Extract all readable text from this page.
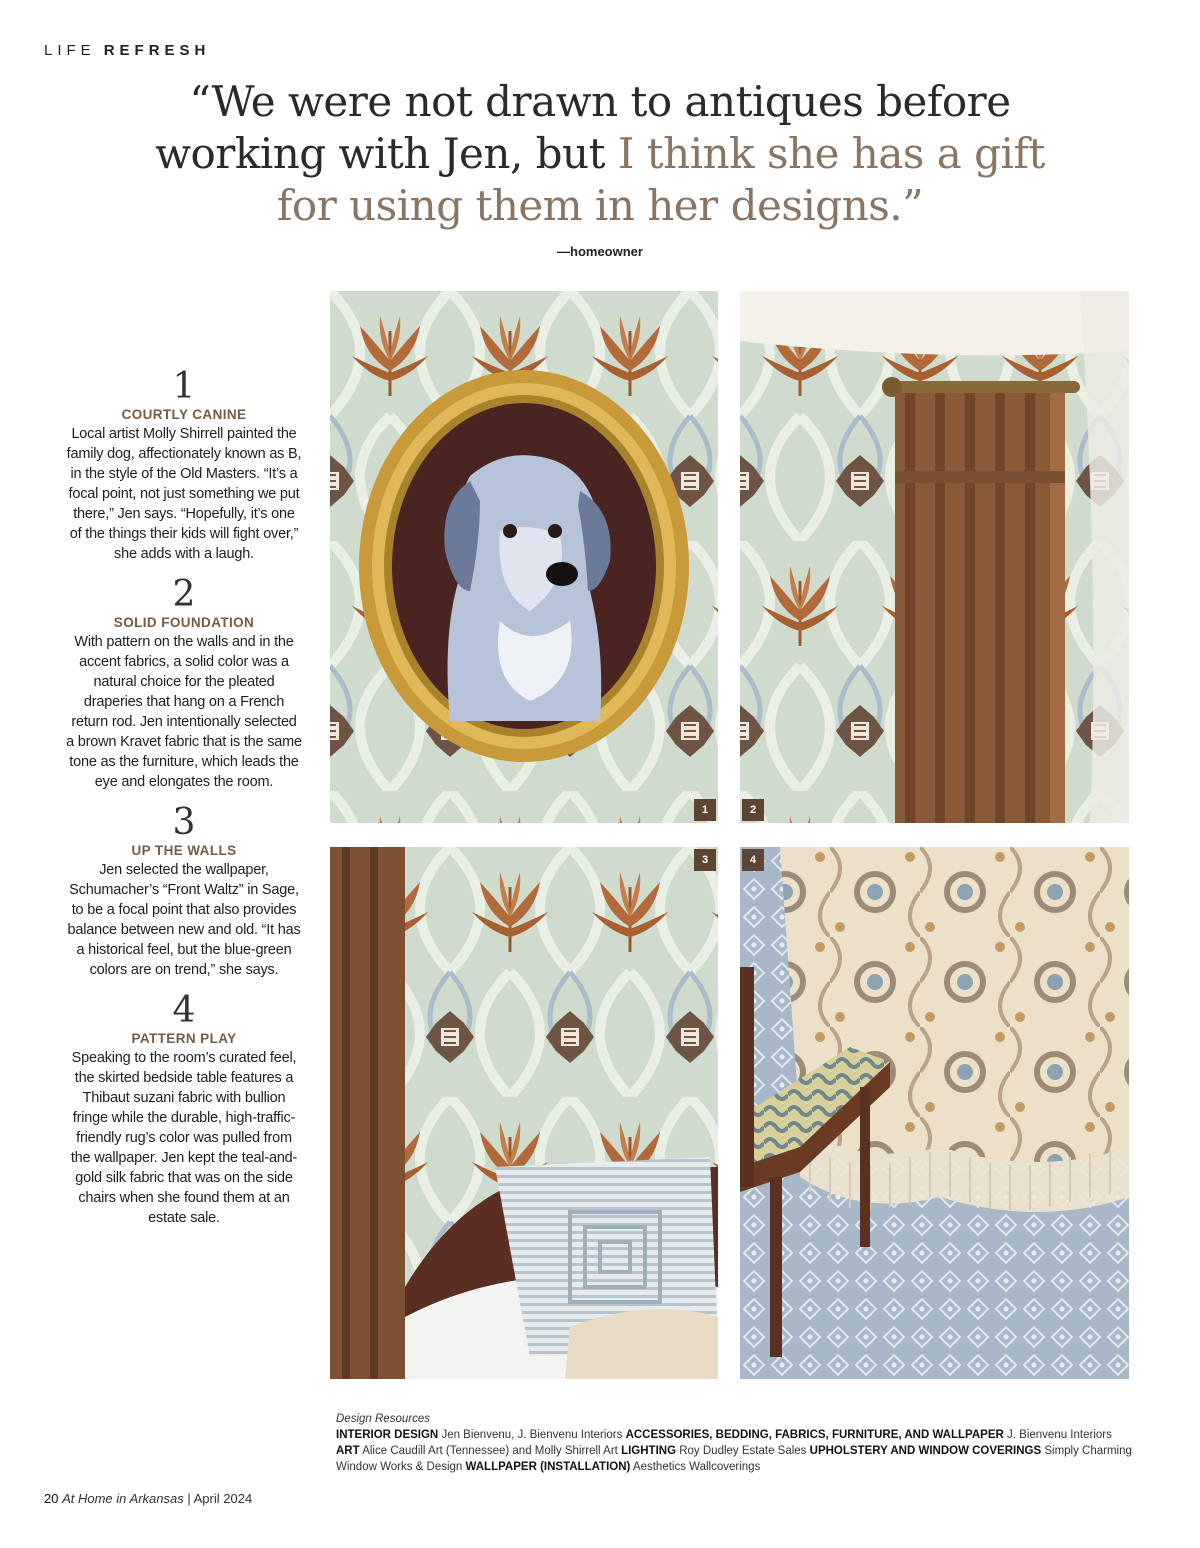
LIFE REFRESH
“We were not drawn to antiques before working with Jen, but I think she has a gift for using them in her designs.”
—homeowner
1
COURTLY CANINE
Local artist Molly Shirrell painted the family dog, affectionately known as B, in the style of the Old Masters. “It’s a focal point, not just something we put there,” Jen says. “Hopefully, it’s one of the things their kids will fight over,” she adds with a laugh.
2
SOLID FOUNDATION
With pattern on the walls and in the accent fabrics, a solid color was a natural choice for the pleated draperies that hang on a French return rod. Jen intentionally selected a brown Kravet fabric that is the same tone as the furniture, which leads the eye and elongates the room.
3
UP THE WALLS
Jen selected the wallpaper, Schumacher’s “Front Waltz” in Sage, to be a focal point that also provides balance between new and old. “It has a historical feel, but the blue-green colors are on trend,” she says.
4
PATTERN PLAY
Speaking to the room’s curated feel, the skirted bedside table features a Thibaut suzani fabric with bullion fringe while the durable, high-traffic-friendly rug’s color was pulled from the wallpaper. Jen kept the teal-and-gold silk fabric that was on the side chairs when she found them at an estate sale.
1	2
3	4
Design Resources
INTERIOR DESIGN Jen Bienvenu, J. Bienvenu Interiors ACCESSORIES, BEDDING, FABRICS, FURNITURE, AND WALLPAPER J. Bienvenu Interiors ART Alice Caudill Art (Tennessee) and Molly Shirrell Art LIGHTING Roy Dudley Estate Sales UPHOLSTERY AND WINDOW COVERINGS Simply Charming Window Works & Design WALLPAPER (INSTALLATION) Aesthetics Wallcoverings
20 At Home in Arkansas | April 2024
